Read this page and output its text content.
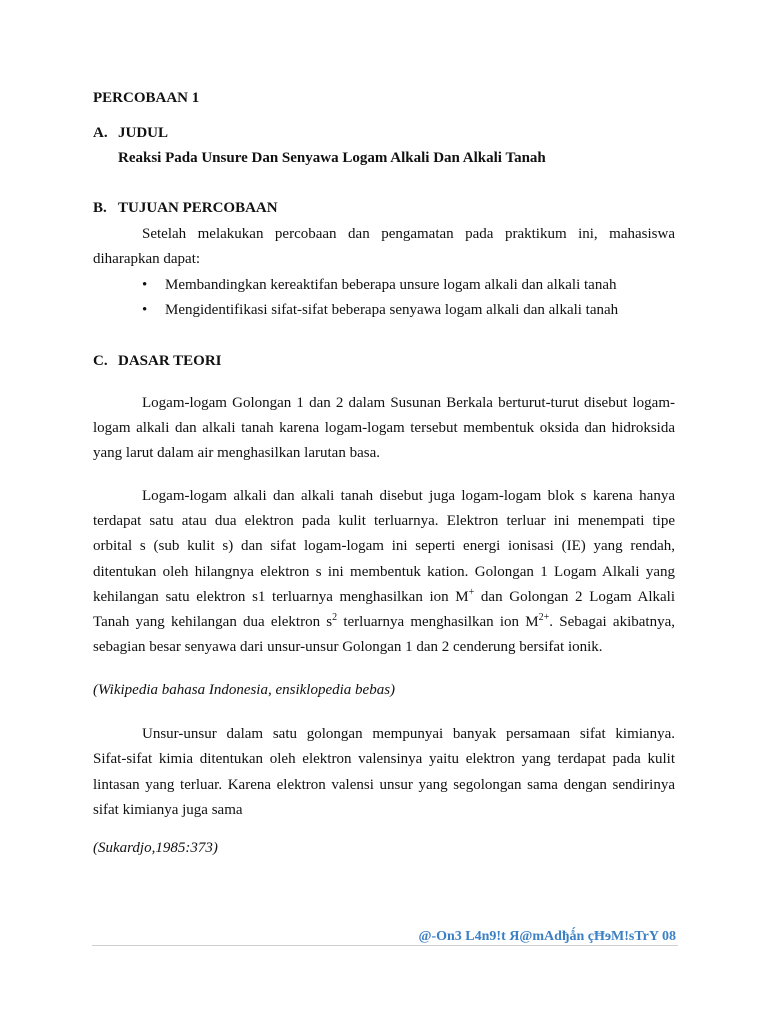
PERCOBAAN 1
A. JUDUL
Reaksi Pada Unsure Dan Senyawa Logam Alkali Dan Alkali Tanah
B. TUJUAN PERCOBAAN
Setelah melakukan percobaan dan pengamatan pada praktikum ini, mahasiswa
diharapkan dapat:
• Membandingkan kereaktifan beberapa unsure logam alkali dan alkali tanah
• Mengidentifikasi sifat-sifat beberapa senyawa logam alkali dan alkali tanah
C. DASAR TEORI
Logam-logam Golongan 1 dan 2 dalam Susunan Berkala berturut-turut disebut logam-
logam alkali dan alkali tanah karena logam-logam tersebut membentuk oksida dan hidroksida
yang larut dalam air menghasilkan larutan basa.
Logam-logam alkali dan alkali tanah disebut juga logam-logam blok s karena hanya
terdapat satu atau dua elektron pada kulit terluarnya. Elektron terluar ini menempati tipe
orbital s (sub kulit s) dan sifat logam-logam ini seperti energi ionisasi (IE) yang rendah,
ditentukan oleh hilangnya elektron s ini membentuk kation. Golongan 1 Logam Alkali yang
kehilangan satu elektron s1 terluarnya menghasilkan ion M+ dan Golongan 2 Logam Alkali
Tanah yang kehilangan dua elektron $s^2$ terluarnya menghasilkan ion $M^{2+}$. Sebagai akibatnya,
sebagian besar senyawa dari unsur-unsur Golongan 1 dan 2 cenderung bersifat ionik.
(Wikipedia bahasa Indonesia, ensiklopedia bebas)
Unsur-unsur dalam satu golongan mempunyai banyak persamaan sifat kimianya.
Sifat-sifat kimia ditentukan oleh elektron valensinya yaitu elektron yang terdapat pada kulit
lintasan yang terluar. Karena elektron valensi unsur yang segolongan sama dengan sendirinya
sifat kimianya juga sama
(Sukardjo,1985:373)
@-On3 L4n9!t Я@mAdђǻn çĦɘM!sTrY 08
